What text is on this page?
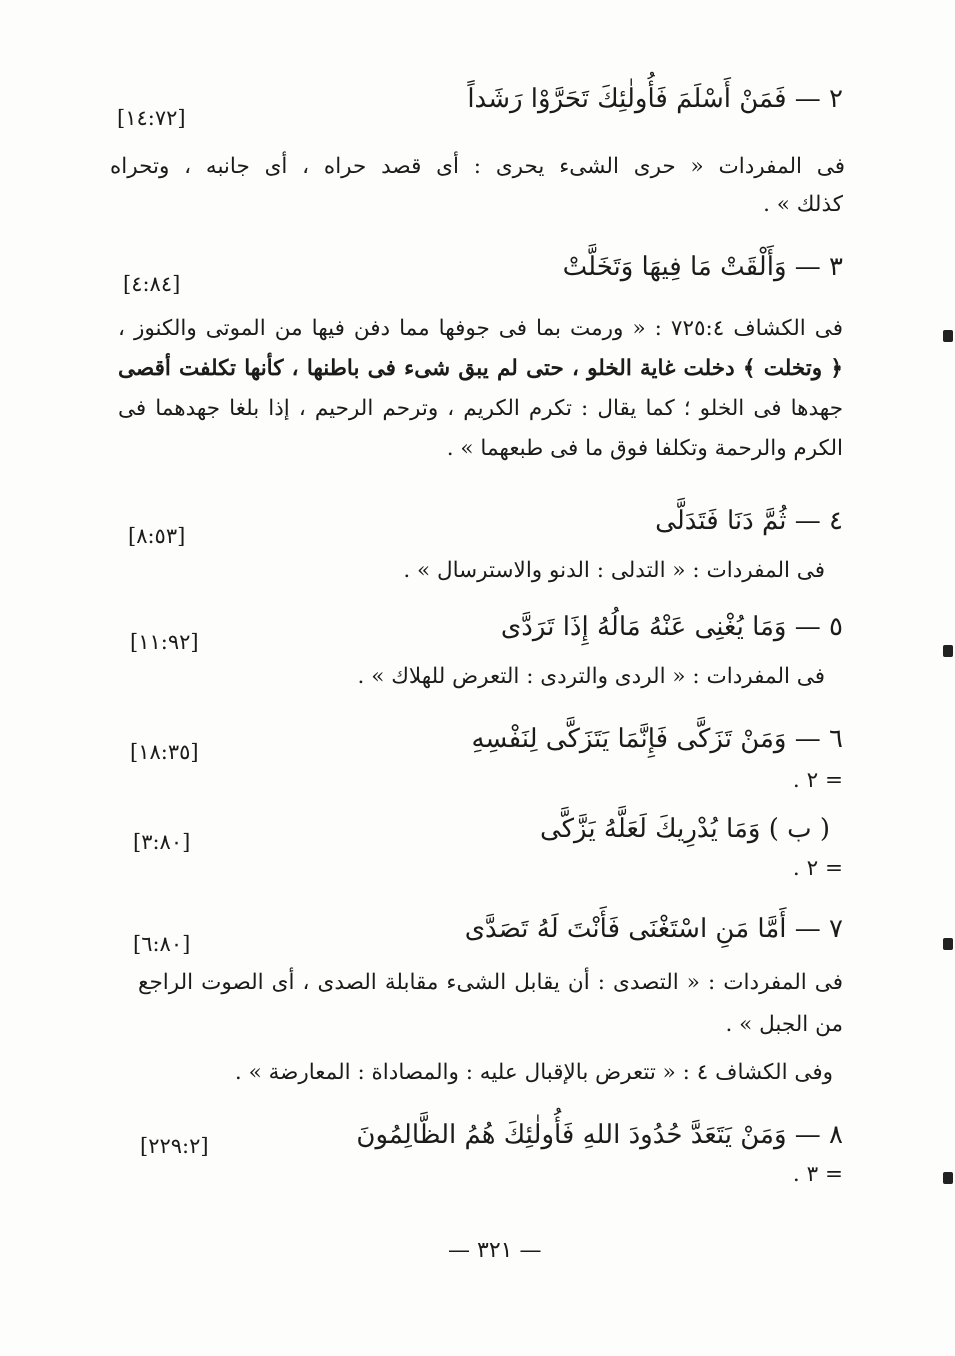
٢ — فَمَنْ أَسْلَمَ فَأُولٰئِكَ تَحَرَّوْا رَشَداً
[١٤:٧٢]
فى المفردات « حرى الشىء يحرى : أى قصد حراه ، أى جانبه ، وتحراه
كذلك » .
٣ — وَأَلْقَتْ مَا فِيهَا وَتَخَلَّتْ
[٤:٨٤]
فى الكشاف ٧٢٥:٤ : « ورمت بما فى جوفها مما دفن فيها من الموتى والكنوز ،
﴿ وتخلت ﴾ دخلت غاية الخلو ، حتى لم يبق شىء فى باطنها ، كأنها تكلفت أقصى
جهدها فى الخلو ؛ كما يقال : تكرم الكريم ، وترحم الرحيم ، إذا بلغا جهدهما فى
الكرم والرحمة وتكلفا فوق ما فى طبعهما » .
٤ — ثُمَّ دَنَا فَتَدَلَّى
[٨:٥٣]
فى المفردات : « التدلى : الدنو والاسترسال » .
٥ — وَمَا يُغْنِى عَنْهُ مَالُهُ إِذَا تَرَدَّى
[١١:٩٢]
فى المفردات : « الردى والتردى : التعرض للهلاك » .
٦ — وَمَنْ تَزَكَّى فَإِنَّمَا يَتَزَكَّى لِنَفْسِهِ
[١٨:٣٥]
= ٢ .
( ب ) وَمَا يُدْرِيكَ لَعَلَّهُ يَزَّكَّى
[٣:٨٠]
= ٢ .
٧ — أَمَّا مَنِ اسْتَغْنَى فَأَنْتَ لَهُ تَصَدَّى
[٦:٨٠]
فى المفردات : « التصدى : أن يقابل الشىء مقابلة الصدى ، أى الصوت الراجع
من الجبل » .
وفى الكشاف ٤ : « تتعرض بالإقبال عليه : والمصاداة : المعارضة » .
٨ — وَمَنْ يَتَعَدَّ حُدُودَ اللهِ فَأُولٰئِكَ هُمُ الظَّالِمُونَ
[٢٢٩:٢]
= ٣ .
— ٣٢١ —
